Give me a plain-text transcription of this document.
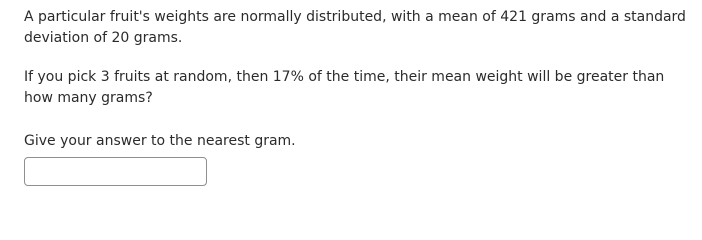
A particular fruit's weights are normally distributed, with a mean of 421 grams and a standard deviation of 20 grams.

If you pick 3 fruits at random, then 17% of the time, their mean weight will be greater than how many grams?

Give your answer to the nearest gram.
